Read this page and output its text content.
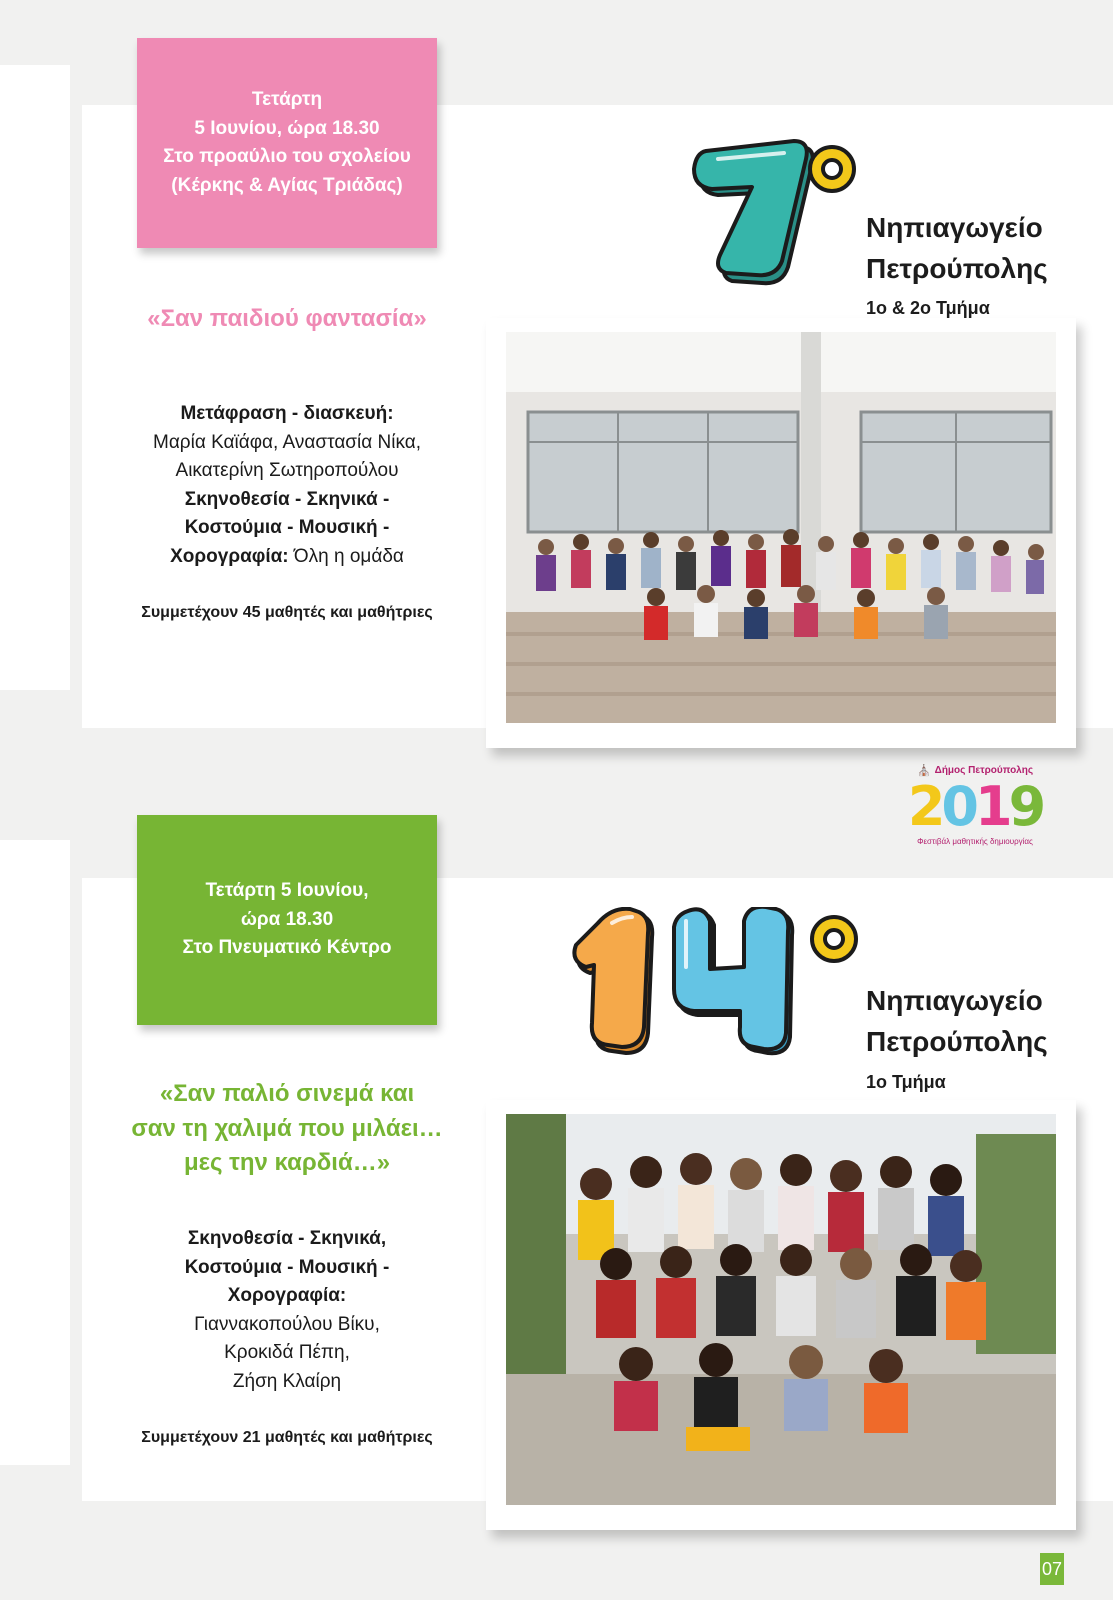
Τετάρτη
5 Ιουνίου, ώρα 18.30
Στο προαύλιο του σχολείου
(Κέρκης & Αγίας Τριάδας)
Νηπιαγωγείο
Πετρούπολης
1ο & 2ο Τμήμα
«Σαν παιδιού φαντασία»
Μετάφραση - διασκευή:
Μαρία Καϊάφα, Αναστασία Νίκα,
Αικατερίνη Σωτηροπούλου
Σκηνοθεσία - Σκηνικά -
Κοστούμια - Μουσική -
Χορογραφία: Όλη η ομάδα
Συμμετέχουν 45 μαθητές και μαθήτριες
⛪ Δήμος Πετρούπολης
2019
Φεστιβάλ μαθητικής δημιουργίας
Τετάρτη 5 Ιουνίου,
ώρα 18.30
Στο Πνευματικό Κέντρο
Νηπιαγωγείο
Πετρούπολης
1ο Τμήμα
«Σαν παλιό σινεμά και
σαν τη χαλιμά που μιλάει…
μες την καρδιά…»
Σκηνοθεσία - Σκηνικά,
Κοστούμια - Μουσική -
Χορογραφία:
Γιαννακοπούλου Βίκυ,
Κροκιδά Πέπη,
Ζήση Κλαίρη
Συμμετέχουν 21 μαθητές και μαθήτριες
07
